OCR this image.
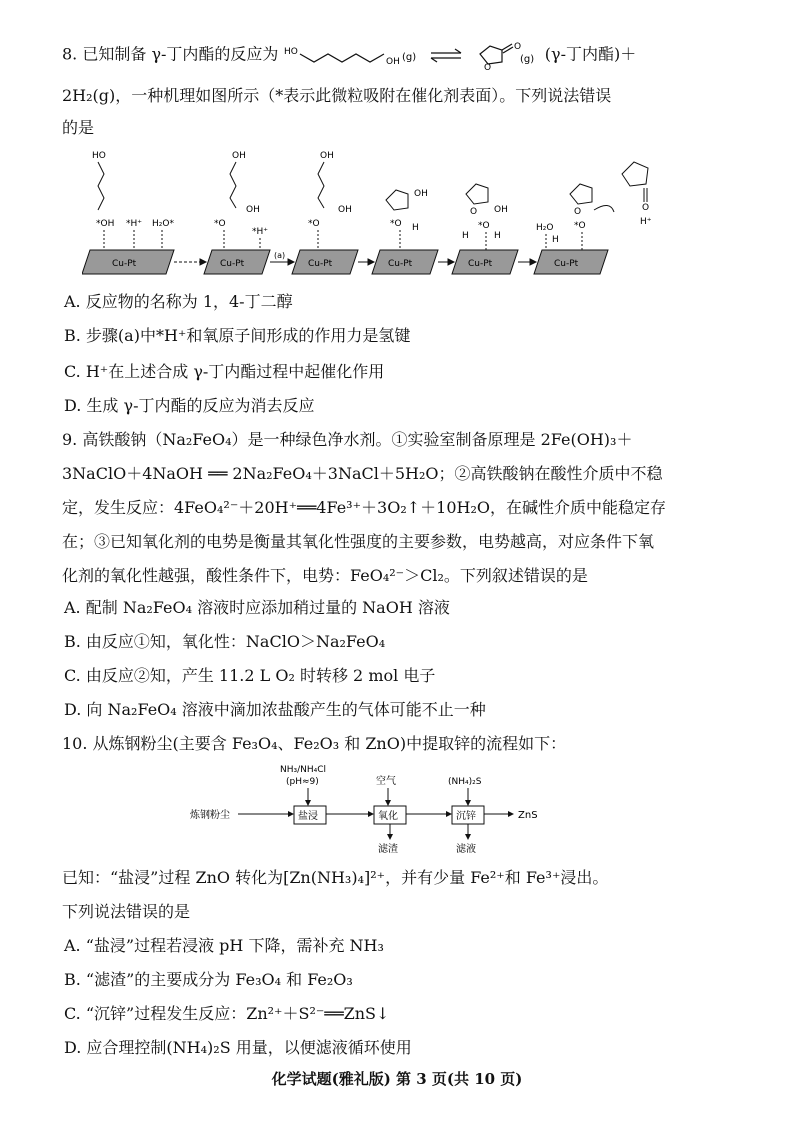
8. 已知制备 γ-丁内酯的反应为 HO
OH (g) ⇌	O
O
(g) (γ-丁内酯)＋
2H₂(g)，一种机理如图所示（*表示此微粒吸附在催化剂表面）。下列说法错误
的是
Cu-Pt	Cu-Pt	Cu-Pt	Cu-Pt	Cu-Pt	Cu-Pt
(a)
HO
*OH *H⁺ H₂O*
OH
*O
OH
*H⁺
OH
OH
*O
OH
*O H
O OH
*O
H	H
H₂O
H
O
*O
O
H⁺
A. 反应物的名称为 1，4-丁二醇
B. 步骤(a)中*H⁺和氧原子间形成的作用力是氢键
C. H⁺在上述合成 γ-丁内酯过程中起催化作用
D. 生成 γ-丁内酯的反应为消去反应
9. 高铁酸钠（Na₂FeO₄）是一种绿色净水剂。①实验室制备原理是 2Fe(OH)₃＋
3NaClO＋4NaOH ══ 2Na₂FeO₄＋3NaCl＋5H₂O；②高铁酸钠在酸性介质中不稳
定，发生反应：4FeO₄²⁻＋20H⁺══4Fe³⁺＋3O₂↑＋10H₂O，在碱性介质中能稳定存
在；③已知氧化剂的电势是衡量其氧化性强度的主要参数，电势越高，对应条件下氧
化剂的氧化性越强，酸性条件下，电势：FeO₄²⁻＞Cl₂。下列叙述错误的是
A. 配制 Na₂FeO₄ 溶液时应添加稍过量的 NaOH 溶液
B. 由反应①知，氧化性：NaClO＞Na₂FeO₄
C. 由反应②知，产生 11.2 L O₂ 时转移 2 mol 电子
D. 向 Na₂FeO₄ 溶液中滴加浓盐酸产生的气体可能不止一种
10. 从炼钢粉尘(主要含 Fe₃O₄、Fe₂O₃ 和 ZnO)中提取锌的流程如下：
炼钢粉尘
NH₃/NH₄Cl
(pH≈9)
盐浸
空气
氧化
滤渣
(NH₄)₂S
沉锌
滤液
ZnS
已知：“盐浸”过程 ZnO 转化为[Zn(NH₃)₄]²⁺，并有少量 Fe²⁺和 Fe³⁺浸出。
下列说法错误的是
A. “盐浸”过程若浸液 pH 下降，需补充 NH₃
B. “滤渣”的主要成分为 Fe₃O₄ 和 Fe₂O₃
C. “沉锌”过程发生反应：Zn²⁺＋S²⁻══ZnS↓
D. 应合理控制(NH₄)₂S 用量，以便滤液循环使用
化学试题(雅礼版) 第 3 页(共 10 页)
